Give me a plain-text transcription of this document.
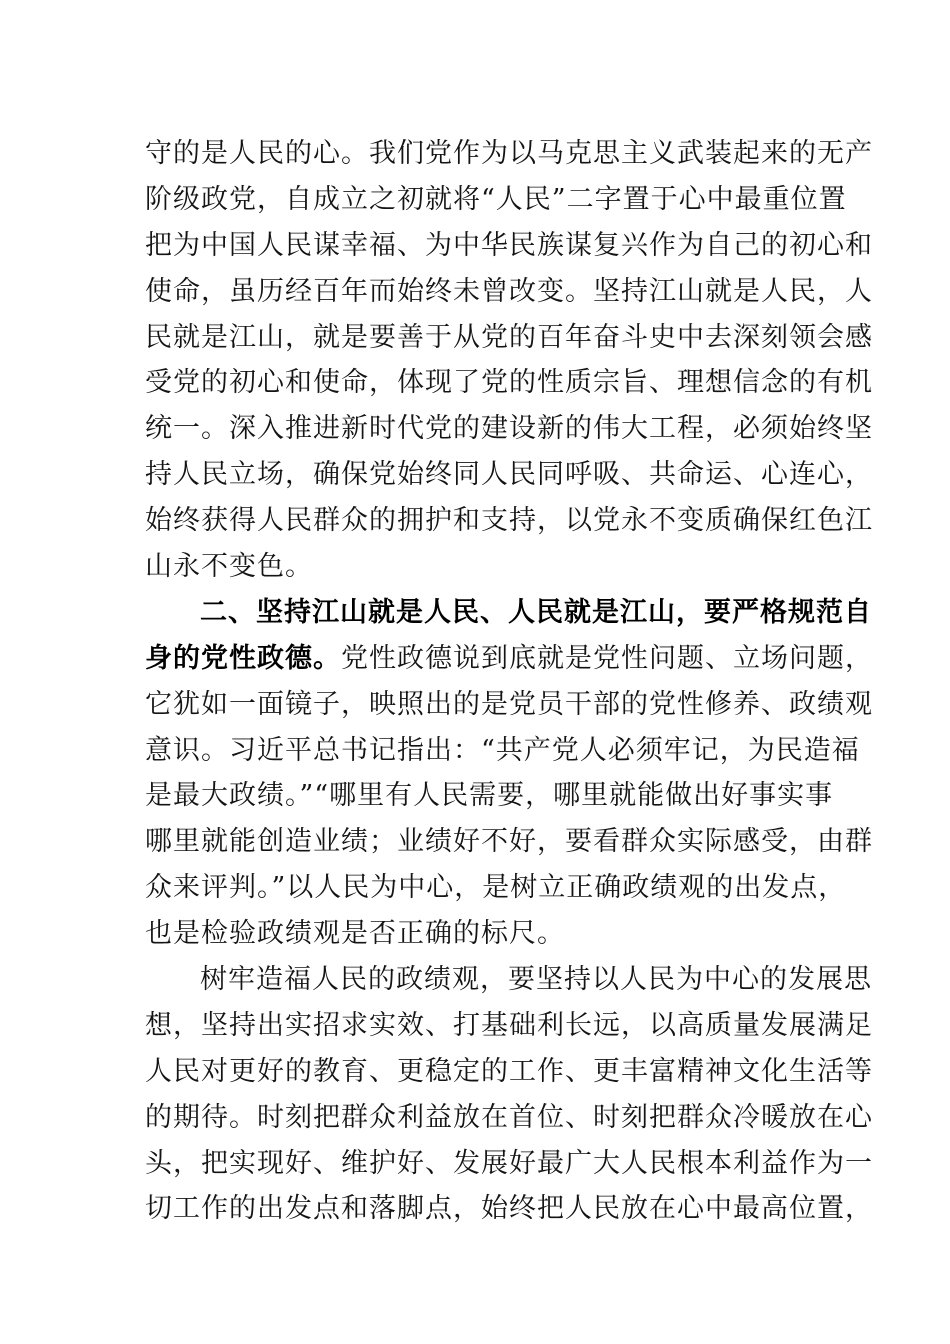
守的是人民的心。我们党作为以马克思主义武装起来的无产
阶级政党，自成立之初就将“人民”二字置于心中最重位置
把为中国人民谋幸福、为中华民族谋复兴作为自己的初心和
使命，虽历经百年而始终未曾改变。坚持江山就是人民，人
民就是江山，就是要善于从党的百年奋斗史中去深刻领会感
受党的初心和使命，体现了党的性质宗旨、理想信念的有机
统一。深入推进新时代党的建设新的伟大工程，必须始终坚
持人民立场，确保党始终同人民同呼吸、共命运、心连心，
始终获得人民群众的拥护和支持，以党永不变质确保红色江
山永不变色。
二、坚持江山就是人民、人民就是江山，要严格规范自
身的党性政德。党性政德说到底就是党性问题、立场问题，
它犹如一面镜子，映照出的是党员干部的党性修养、政绩观
意识。习近平总书记指出：“共产党人必须牢记，为民造福
是最大政绩。”“哪里有人民需要，哪里就能做出好事实事
哪里就能创造业绩；业绩好不好，要看群众实际感受，由群
众来评判。”以人民为中心，是树立正确政绩观的出发点，
也是检验政绩观是否正确的标尺。
树牢造福人民的政绩观，要坚持以人民为中心的发展思
想，坚持出实招求实效、打基础利长远，以高质量发展满足
人民对更好的教育、更稳定的工作、更丰富精神文化生活等
的期待。时刻把群众利益放在首位、时刻把群众冷暖放在心
头，把实现好、维护好、发展好最广大人民根本利益作为一
切工作的出发点和落脚点，始终把人民放在心中最高位置，
